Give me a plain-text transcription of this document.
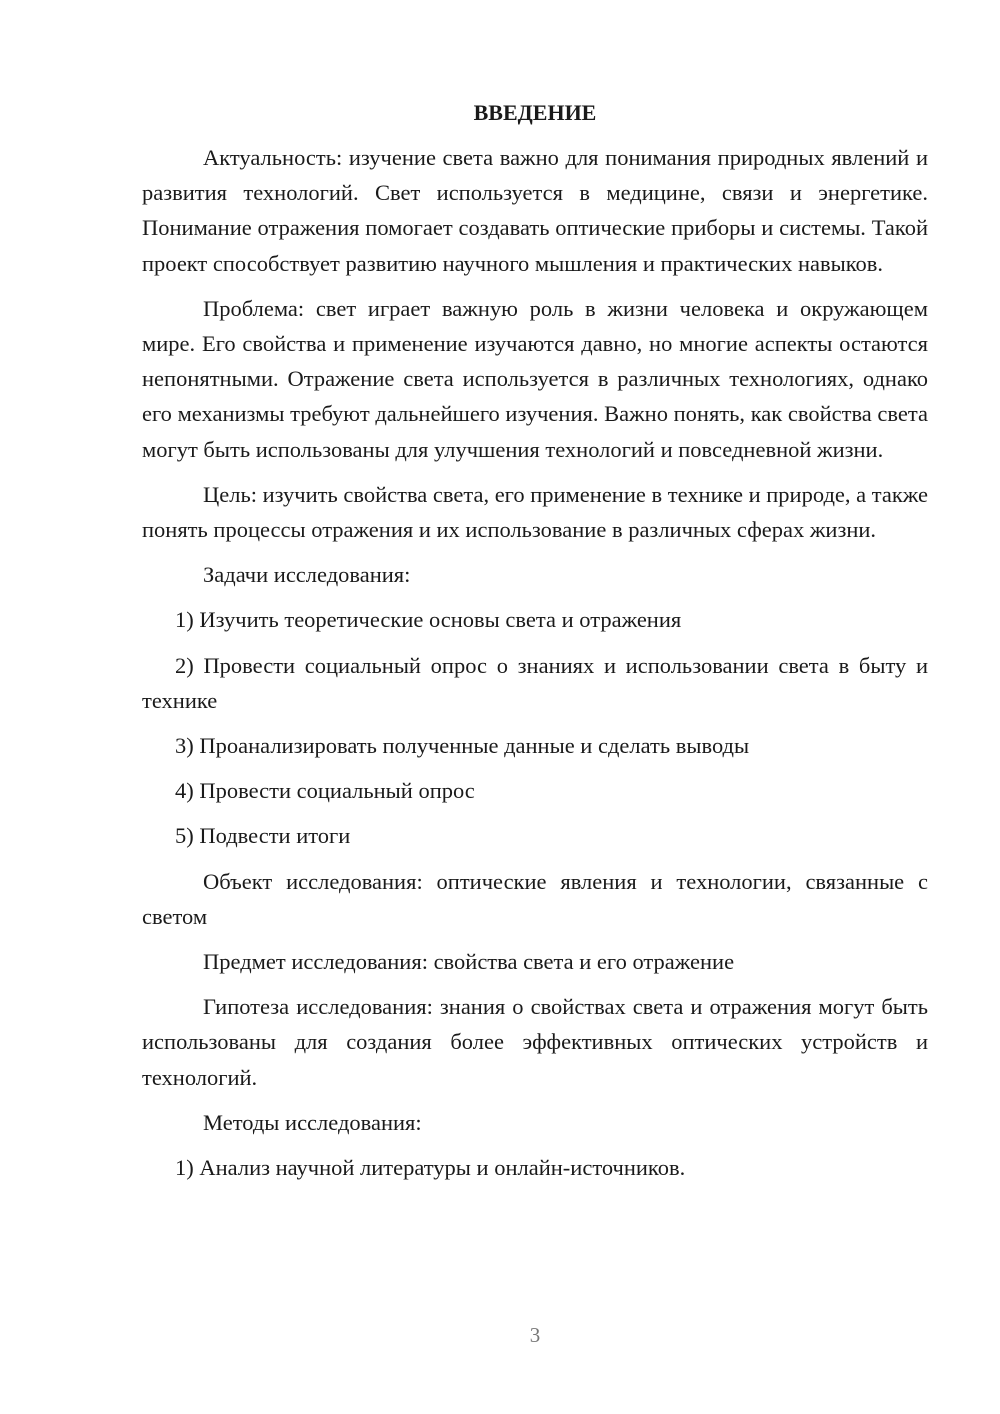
ВВЕДЕНИЕ

Актуальность: изучение света важно для понимания природных явлений и развития технологий. Свет используется в медицине, связи и энергетике. Понимание отражения помогает создавать оптические приборы и системы. Такой проект способствует развитию научного мышления и практических навыков.

Проблема: свет играет важную роль в жизни человека и окружающем мире. Его свойства и применение изучаются давно, но многие аспекты остаются непонятными. Отражение света используется в различных технологиях, однако его механизмы требуют дальнейшего изучения. Важно понять, как свойства света могут быть использованы для улучшения технологий и повседневной жизни.

Цель: изучить свойства света, его применение в технике и природе, а также понять процессы отражения и их использование в различных сферах жизни.

Задачи исследования:

1) Изучить теоретические основы света и отражения

2) Провести социальный опрос о знаниях и использовании света в быту и технике

3) Проанализировать полученные данные и сделать выводы

4) Провести социальный опрос

5) Подвести итоги

Объект исследования: оптические явления и технологии, связанные с светом

Предмет исследования: свойства света и его отражение

Гипотеза исследования: знания о свойствах света и отражения могут быть использованы для создания более эффективных оптических устройств и технологий.

Методы исследования:

1) Анализ научной литературы и онлайн-источников.

3
